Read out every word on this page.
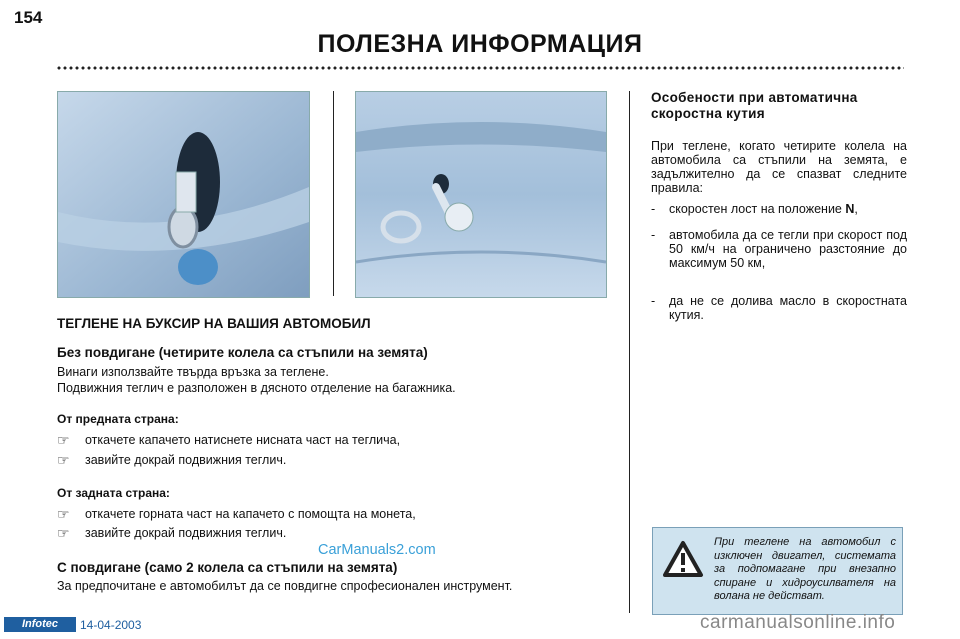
154
ПОЛЕЗНА ИНФОРМАЦИЯ
ТЕГЛЕНЕ НА БУКСИР НА ВАШИЯ АВТОМОБИЛ
Без повдигане (четирите колела са стъпили на земята)
Винаги използвайте твърда връзка за теглене.
Подвижния теглич е разположен в дясното отделение на багажника.
От предната страна:
☞	откачете капачето натиснете нисната част на теглича,
☞	завийте докрай подвижния теглич.
От задната страна:
☞	откачете горната част на капачето с помощта на монета,
☞	завийте докрай подвижния теглич.
CarManuals2.com
С повдигане (само 2 колела са стъпили на земята)
За предпочитане е автомобилът да се повдигне спрофесионален инструмент.
Особености при автоматична скоростна кутия
При теглене, когато четирите колела на автомобила са стъпили на земята, е задължително да се спазват следните правила:
-	скоростен лост на положение N,
-	автомобила да се тегли при скорост под 50 км/ч на ограничено разстояние до максимум 50 км,
-	да не се долива масло в скоростната кутия.
При теглене на автомобил с изключен двигател, системата за подпомагане при внезапно спиране и хидроусилвателя на волана не действат.
Infotec	14-04-2003	carmanualsonline.info
